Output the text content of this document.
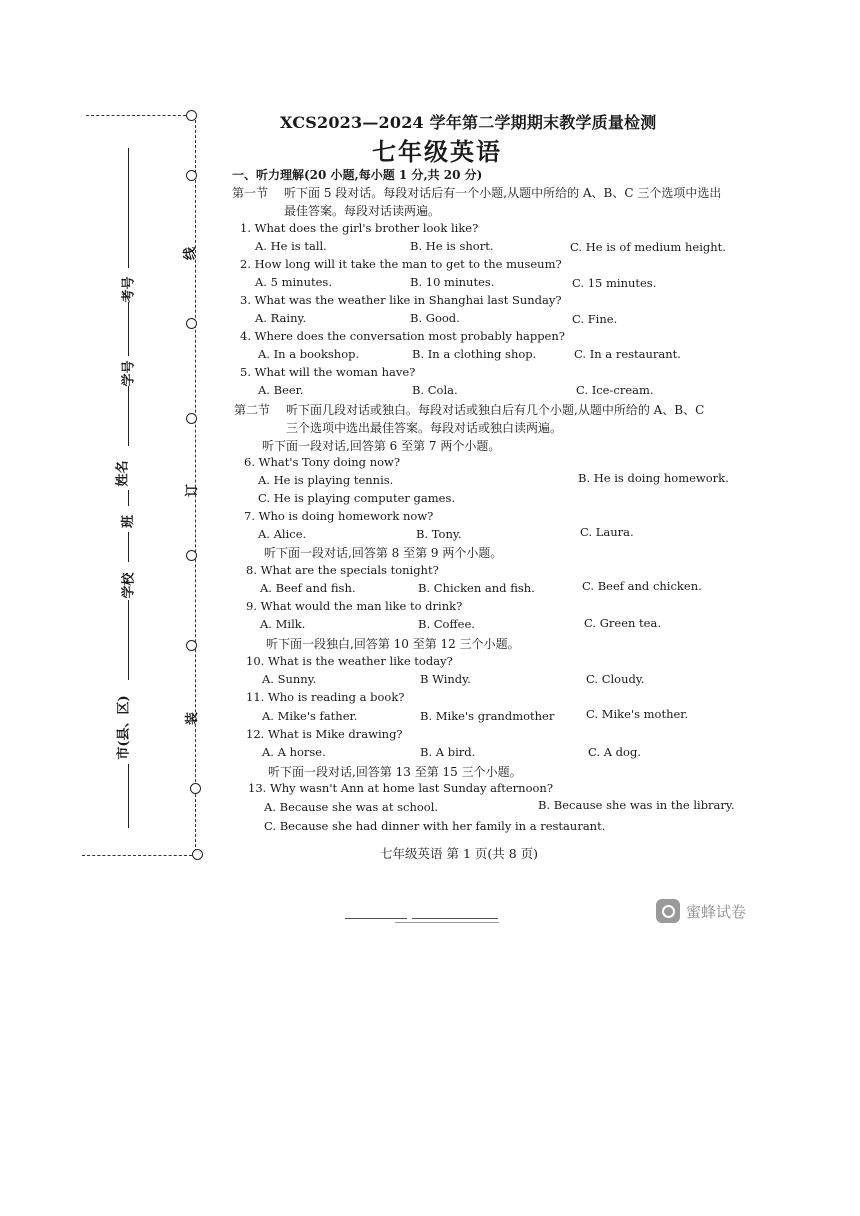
线
订
装
考号
学号
姓名
班
学校
市(县、区)
XCS2023—2024 学年第二学期期末教学质量检测
七年级英语
一、听力理解(20 小题,每小题 1 分,共 20 分)
第一节 听下面 5 段对话。每段对话后有一个小题,从题中所给的 A、B、C 三个选项中选出
最佳答案。每段对话读两遍。
1. What does the girl's brother look like?
A. He is tall.	B. He is short.	C. He is of medium height.
2. How long will it take the man to get to the museum?
A. 5 minutes.	B. 10 minutes.	C. 15 minutes.
3. What was the weather like in Shanghai last Sunday?
A. Rainy.	B. Good.	C. Fine.
4. Where does the conversation most probably happen?
A. In a bookshop.	B. In a clothing shop.	C. In a restaurant.
5. What will the woman have?
A. Beer.	B. Cola.	C. Ice-cream.
第二节 听下面几段对话或独白。每段对话或独白后有几个小题,从题中所给的 A、B、C
三个选项中选出最佳答案。每段对话或独白读两遍。
听下面一段对话,回答第 6 至第 7 两个小题。
6. What's Tony doing now?
A. He is playing tennis.	B. He is doing homework.
C. He is playing computer games.
7. Who is doing homework now?
A. Alice.	B. Tony.	C. Laura.
听下面一段对话,回答第 8 至第 9 两个小题。
8. What are the specials tonight?
A. Beef and fish.	B. Chicken and fish.	C. Beef and chicken.
9. What would the man like to drink?
A. Milk.	B. Coffee.	C. Green tea.
听下面一段独白,回答第 10 至第 12 三个小题。
10. What is the weather like today?
A. Sunny.	B Windy.	C. Cloudy.
11. Who is reading a book?
A. Mike's father.	B. Mike's grandmother	C. Mike's mother.
12. What is Mike drawing?
A. A horse.	B. A bird.	C. A dog.
听下面一段对话,回答第 13 至第 15 三个小题。
13. Why wasn't Ann at home last Sunday afternoon?
A. Because she was at school.	B. Because she was in the library.
C. Because she had dinner with her family in a restaurant.
七年级英语 第 1 页(共 8 页)
蜜蜂试卷
